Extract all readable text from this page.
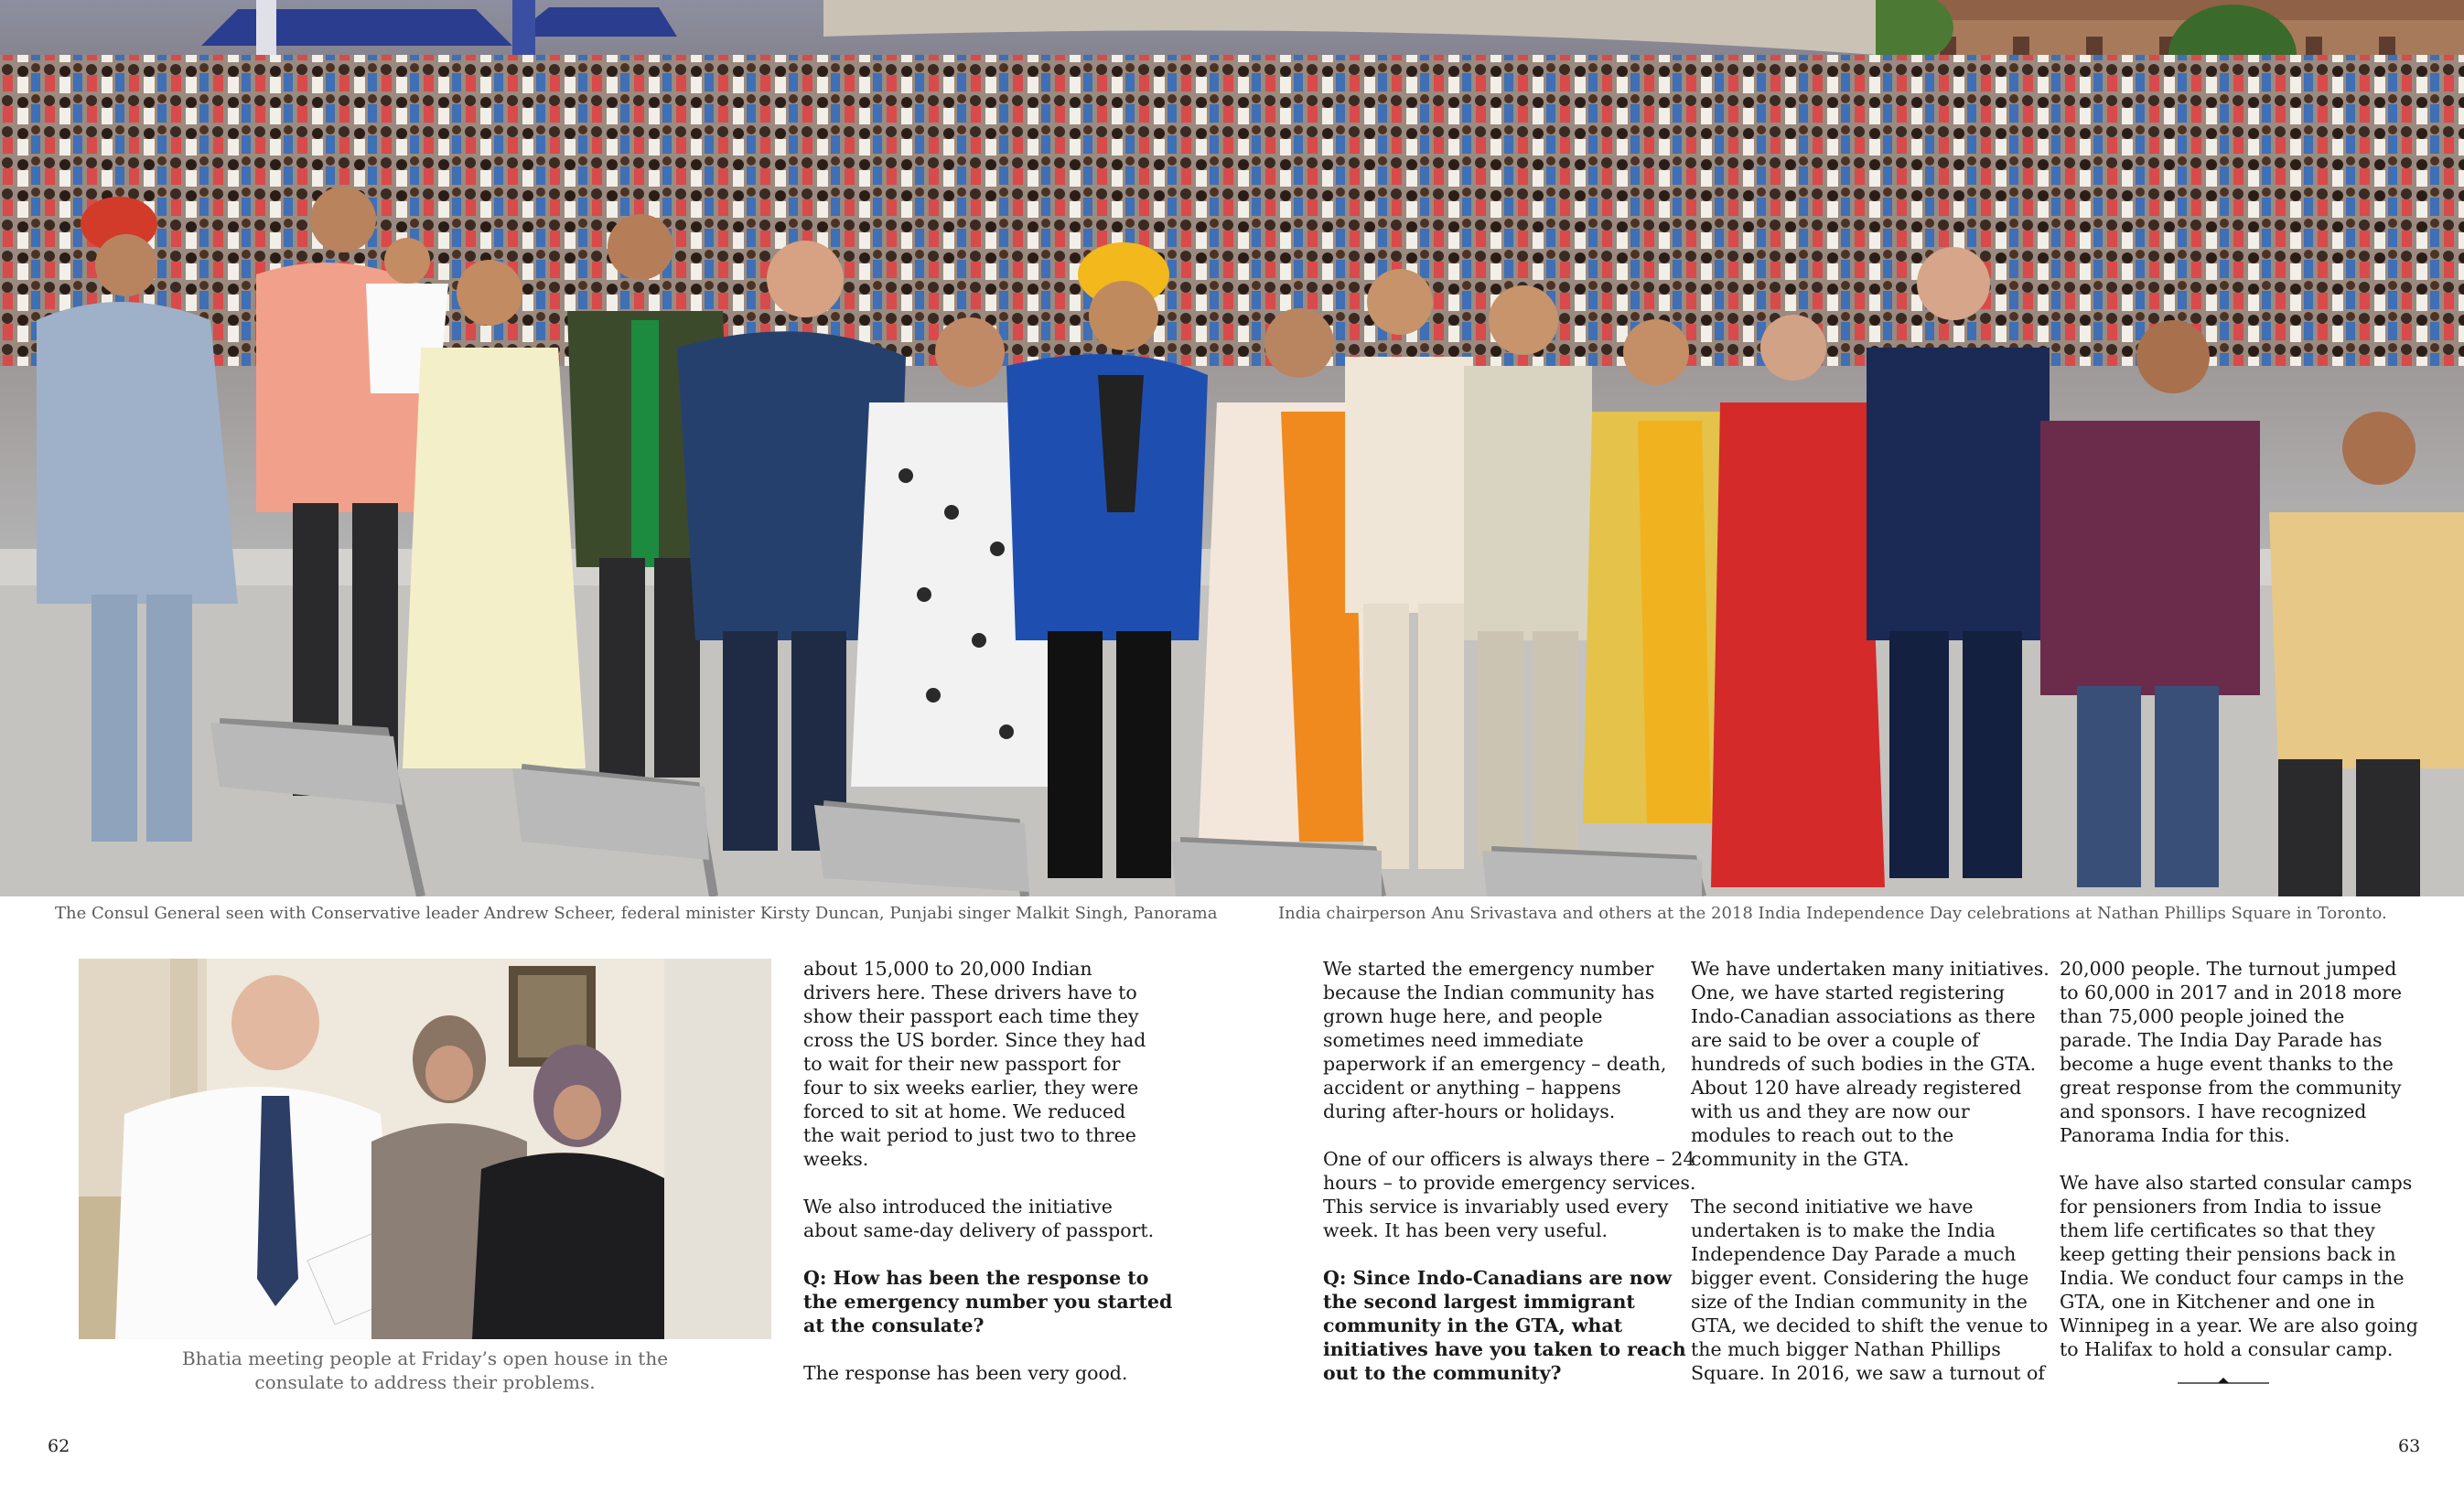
The Consul General seen with Conservative leader Andrew Scheer, federal minister Kirsty Duncan, Punjabi singer Malkit Singh, Panorama	India chairperson Anu Srivastava and others at the 2018 India Independence Day celebrations at Nathan Phillips Square in Toronto.
Bhatia meeting people at Friday’s open house in the
consulate to address their problems.

about 15,000 to 20,000 Indian
drivers here. These drivers have to
show their passport each time they
cross the US border. Since they had
to wait for their new passport for
four to six weeks earlier, they were
forced to sit at home. We reduced
the wait period to just two to three
weeks.

We also introduced the initiative
about same-day delivery of passport.

Q: How has been the response to
the emergency number you started
at the consulate?

The response has been very good.

We started the emergency number
because the Indian community has
grown huge here, and people
sometimes need immediate
paperwork if an emergency – death,
accident or anything – happens
during after-hours or holidays.

One of our officers is always there – 24
hours – to provide emergency services.
This service is invariably used every
week. It has been very useful.

Q: Since Indo-Canadians are now
the second largest immigrant
community in the GTA, what
initiatives have you taken to reach
out to the community?

We have undertaken many initiatives.
One, we have started registering
Indo-Canadian associations as there
are said to be over a couple of
hundreds of such bodies in the GTA.
About 120 have already registered
with us and they are now our
modules to reach out to the
community in the GTA.

The second initiative we have
undertaken is to make the India
Independence Day Parade a much
bigger event. Considering the huge
size of the Indian community in the
GTA, we decided to shift the venue to
the much bigger Nathan Phillips
Square. In 2016, we saw a turnout of

20,000 people. The turnout jumped
to 60,000 in 2017 and in 2018 more
than 75,000 people joined the
parade. The India Day Parade has
become a huge event thanks to the
great response from the community
and sponsors. I have recognized
Panorama India for this.

We have also started consular camps
for pensioners from India to issue
them life certificates so that they
keep getting their pensions back in
India. We conduct four camps in the
GTA, one in Kitchener and one in
Winnipeg in a year. We are also going
to Halifax to hold a consular camp.

62	63
